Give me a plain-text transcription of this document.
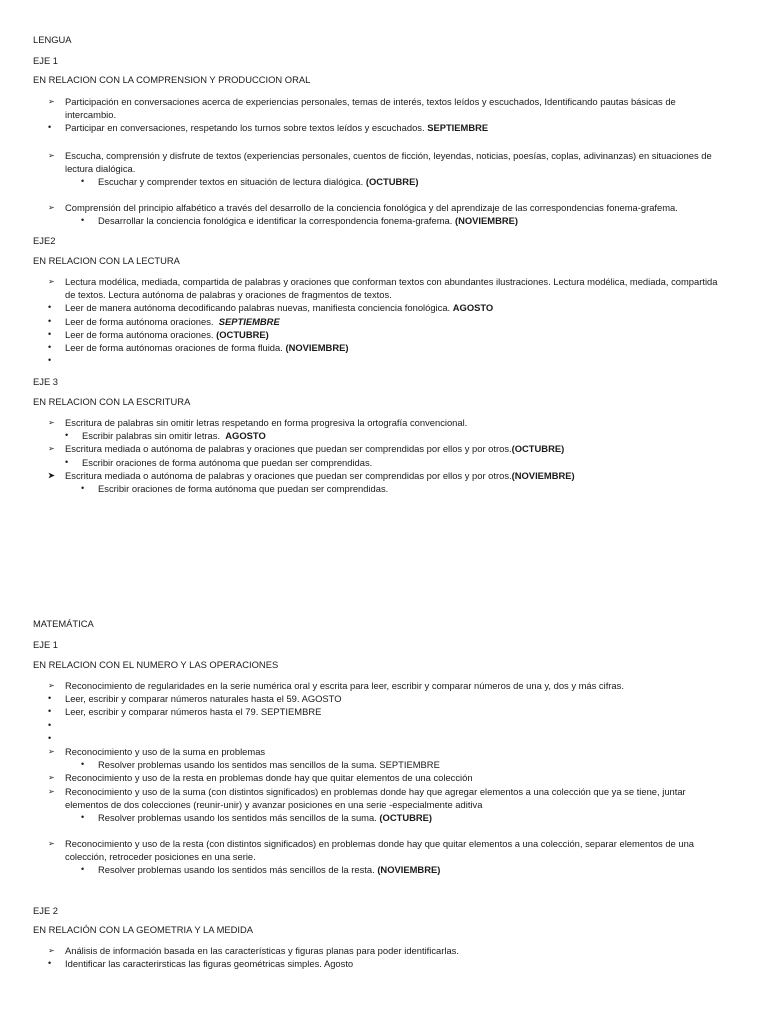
LENGUA
EJE 1
EN RELACION CON LA COMPRENSION Y PRODUCCION ORAL
➢	Participación en conversaciones acerca de experiencias personales, temas de interés, textos leídos y escuchados, Identificando pautas básicas de intercambio.
•	Participar en conversaciones, respetando los turnos sobre textos leídos y escuchados. SEPTIEMBRE
➢	Escucha, comprensión y disfrute de textos (experiencias personales, cuentos de ficción, leyendas, noticias, poesías, coplas, adivinanzas) en situaciones de lectura dialógica.
•	Escuchar y comprender textos en situación de lectura dialógica. (OCTUBRE)
➢	Comprensión del principio alfabético a través del desarrollo de la conciencia fonológica y del aprendizaje de las correspondencias fonema-grafema.
•	Desarrollar la conciencia fonológica e identificar la correspondencia fonema-grafema. (NOVIEMBRE)
EJE2
EN RELACION CON LA LECTURA
➢	Lectura modélica, mediada, compartida de palabras y oraciones que conforman textos con abundantes ilustraciones. Lectura modélica, mediada, compartida de textos. Lectura autónoma de palabras y oraciones de fragmentos de textos.
•	Leer de manera autónoma decodificando palabras nuevas, manifiesta conciencia fonológica. AGOSTO
•	Leer de forma autónoma oraciones. SEPTIEMBRE
•	Leer de forma autónoma oraciones. (OCTUBRE)
•	Leer de forma autónomas oraciones de forma fluida. (NOVIEMBRE)
•

EJE 3
EN RELACION CON LA ESCRITURA
➢	Escritura de palabras sin omitir letras respetando en forma progresiva la ortografía convencional.
•	Escribir palabras sin omitir letras. AGOSTO
➢	Escritura mediada o autónoma de palabras y oraciones que puedan ser comprendidas por ellos y por otros.(OCTUBRE)
•	Escribir oraciones de forma autónoma que puedan ser comprendidas.
➤	Escritura mediada o autónoma de palabras y oraciones que puedan ser comprendidas por ellos y por otros.(NOVIEMBRE)
•	Escribir oraciones de forma autónoma que puedan ser comprendidas.
MATEMÁTICA
EJE 1
EN RELACION CON EL NUMERO Y LAS OPERACIONES
➢	Reconocimiento de regularidades en la serie numérica oral y escrita para leer, escribir y comparar números de una y, dos y más cifras.
•	Leer, escribir y comparar números naturales hasta el 59. AGOSTO
•	Leer, escribir y comparar números hasta el 79. SEPTIEMBRE
•

•

➢	Reconocimiento y uso de la suma en problemas
•	Resolver problemas usando los sentidos mas sencillos de la suma. SEPTIEMBRE
➢	Reconocimiento y uso de la resta en problemas donde hay que quitar elementos de una colección
➢	Reconocimiento y uso de la suma (con distintos significados) en problemas donde hay que agregar elementos a una colección que ya se tiene, juntar elementos de dos colecciones (reunir-unir) y avanzar posiciones en una serie -especialmente aditiva
•	Resolver problemas usando los sentidos más sencillos de la suma. (OCTUBRE)
➢	Reconocimiento y uso de la resta (con distintos significados) en problemas donde hay que quitar elementos a una colección, separar elementos de una colección, retroceder posiciones en una serie.
•	Resolver problemas usando los sentidos más sencillos de la resta. (NOVIEMBRE)
EJE 2
EN RELACIÓN CON LA GEOMETRIA Y LA MEDIDA
➢	Análisis de información basada en las características y figuras planas para poder identificarlas.
•	Identificar las caracterirsticas las figuras geométricas simples. Agosto
